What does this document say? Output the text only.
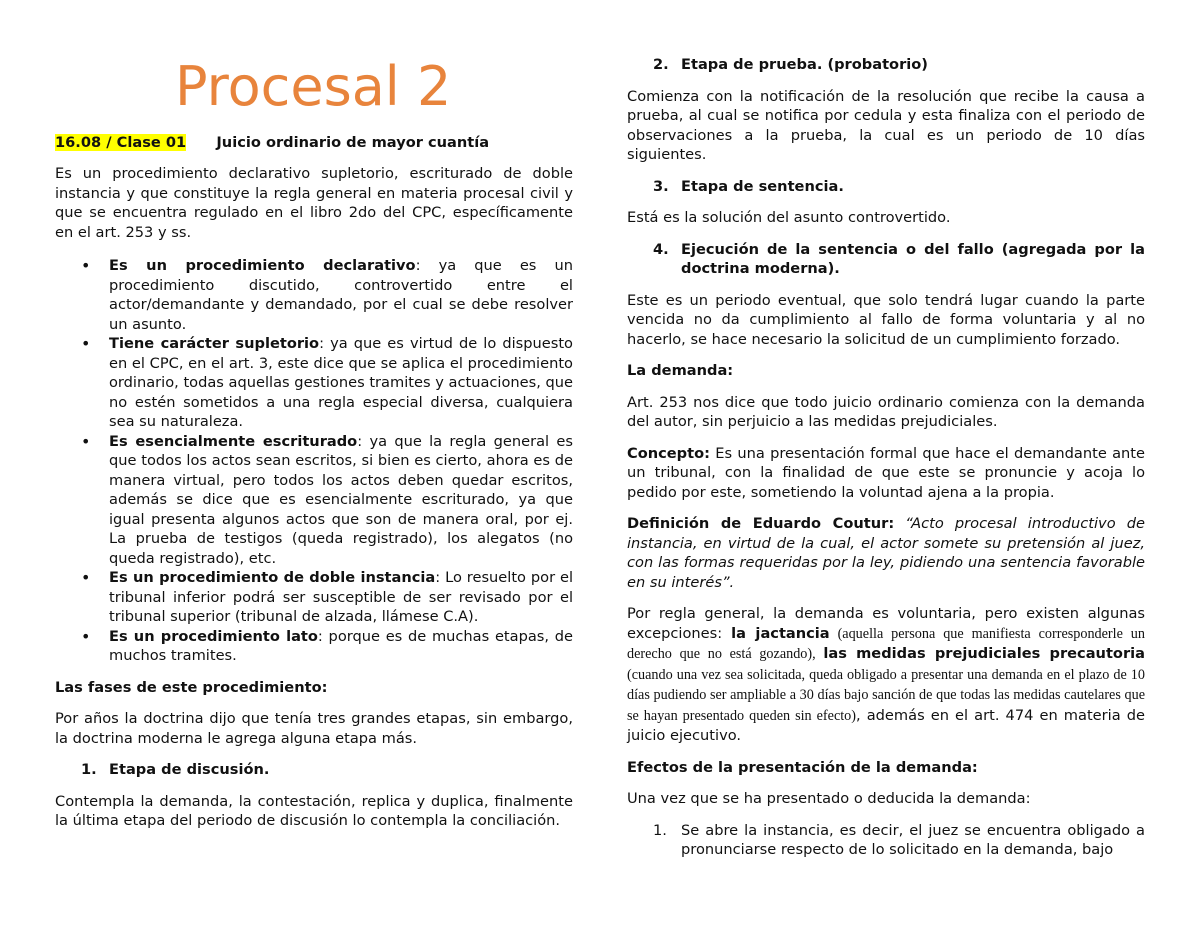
Procesal 2
16.08 / Clase 01 Juicio ordinario de mayor cuantía

Es un procedimiento declarativo supletorio, escriturado de doble instancia y que constituye la regla general en materia procesal civil y que se encuentra regulado en el libro 2do del CPC, específicamente en el art. 253 y ss.

• Es un procedimiento declarativo: ya que es un procedimiento discutido, controvertido entre el actor/demandante y demandado, por el cual se debe resolver un asunto.
• Tiene carácter supletorio: ya que es virtud de lo dispuesto en el CPC, en el art. 3, este dice que se aplica el procedimiento ordinario, todas aquellas gestiones tramites y actuaciones, que no estén sometidos a una regla especial diversa, cualquiera sea su naturaleza.
• Es esencialmente escriturado: ya que la regla general es que todos los actos sean escritos, si bien es cierto, ahora es de manera virtual, pero todos los actos deben quedar escritos, además se dice que es esencialmente escriturado, ya que igual presenta algunos actos que son de manera oral, por ej. La prueba de testigos (queda registrado), los alegatos (no queda registrado), etc.
• Es un procedimiento de doble instancia: Lo resuelto por el tribunal inferior podrá ser susceptible de ser revisado por el tribunal superior (tribunal de alzada, llámese C.A).
• Es un procedimiento lato: porque es de muchas etapas, de muchos tramites.

Las fases de este procedimiento:

Por años la doctrina dijo que tenía tres grandes etapas, sin embargo, la doctrina moderna le agrega alguna etapa más.

1. Etapa de discusión.

Contempla la demanda, la contestación, replica y duplica, finalmente la última etapa del periodo de discusión lo contempla la conciliación.

2. Etapa de prueba. (probatorio)

Comienza con la notificación de la resolución que recibe la causa a prueba, al cual se notifica por cedula y esta finaliza con el periodo de observaciones a la prueba, la cual es un periodo de 10 días siguientes.

3. Etapa de sentencia.

Está es la solución del asunto controvertido.

4. Ejecución de la sentencia o del fallo (agregada por la doctrina moderna).

Este es un periodo eventual, que solo tendrá lugar cuando la parte vencida no da cumplimiento al fallo de forma voluntaria y al no hacerlo, se hace necesario la solicitud de un cumplimiento forzado.

La demanda:

Art. 253 nos dice que todo juicio ordinario comienza con la demanda del autor, sin perjuicio a las medidas prejudiciales.

Concepto: Es una presentación formal que hace el demandante ante un tribunal, con la finalidad de que este se pronuncie y acoja lo pedido por este, sometiendo la voluntad ajena a la propia.

Definición de Eduardo Coutur: “Acto procesal introductivo de instancia, en virtud de la cual, el actor somete su pretensión al juez, con las formas requeridas por la ley, pidiendo una sentencia favorable en su interés”.

Por regla general, la demanda es voluntaria, pero existen algunas excepciones: la jactancia (aquella persona que manifiesta corresponderle un derecho que no está gozando), las medidas prejudiciales precautoria (cuando una vez sea solicitada, queda obligado a presentar una demanda en el plazo de 10 días pudiendo ser ampliable a 30 días bajo sanción de que todas las medidas cautelares que se hayan presentado queden sin efecto), además en el art. 474 en materia de juicio ejecutivo.

Efectos de la presentación de la demanda:

Una vez que se ha presentado o deducida la demanda:

1. Se abre la instancia, es decir, el juez se encuentra obligado a pronunciarse respecto de lo solicitado en la demanda, bajo
